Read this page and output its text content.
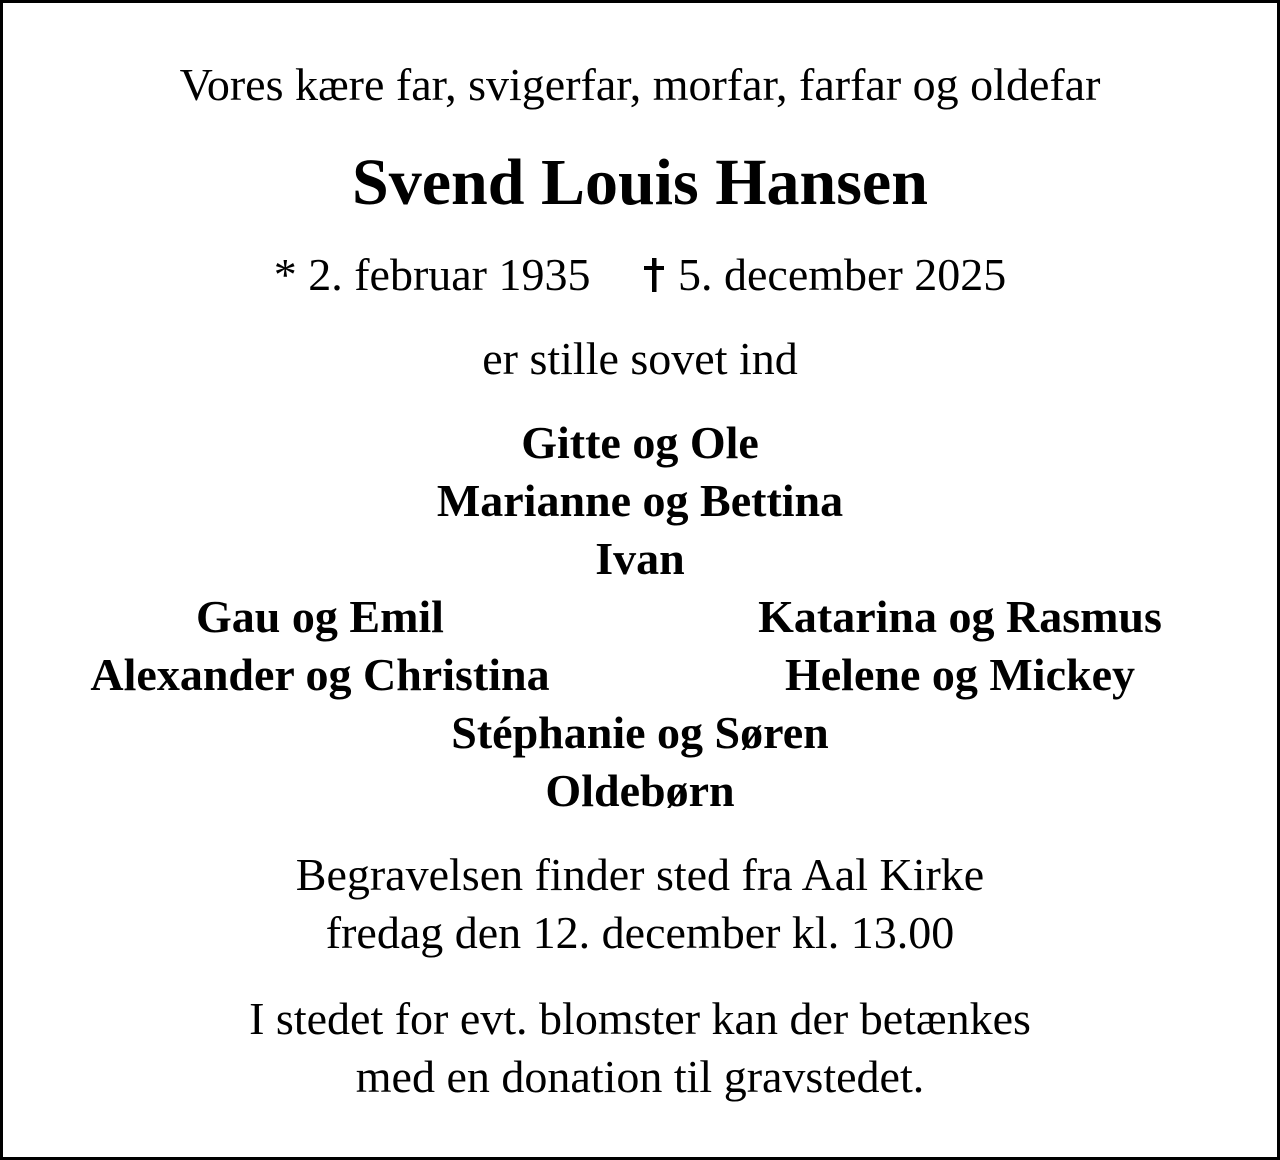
Vores kære far, svigerfar, morfar, farfar og oldefar
Svend Louis Hansen
* 2. februar 1935 5. december 2025
er stille sovet ind
Gitte og Ole
Marianne og Bettina
Ivan
Gau og Emil	Katarina og Rasmus
Alexander og Christina	Helene og Mickey
Stéphanie og Søren
Oldebørn
Begravelsen finder sted fra Aal Kirke
fredag den 12. december kl. 13.00
I stedet for evt. blomster kan der betænkes
med en donation til gravstedet.
